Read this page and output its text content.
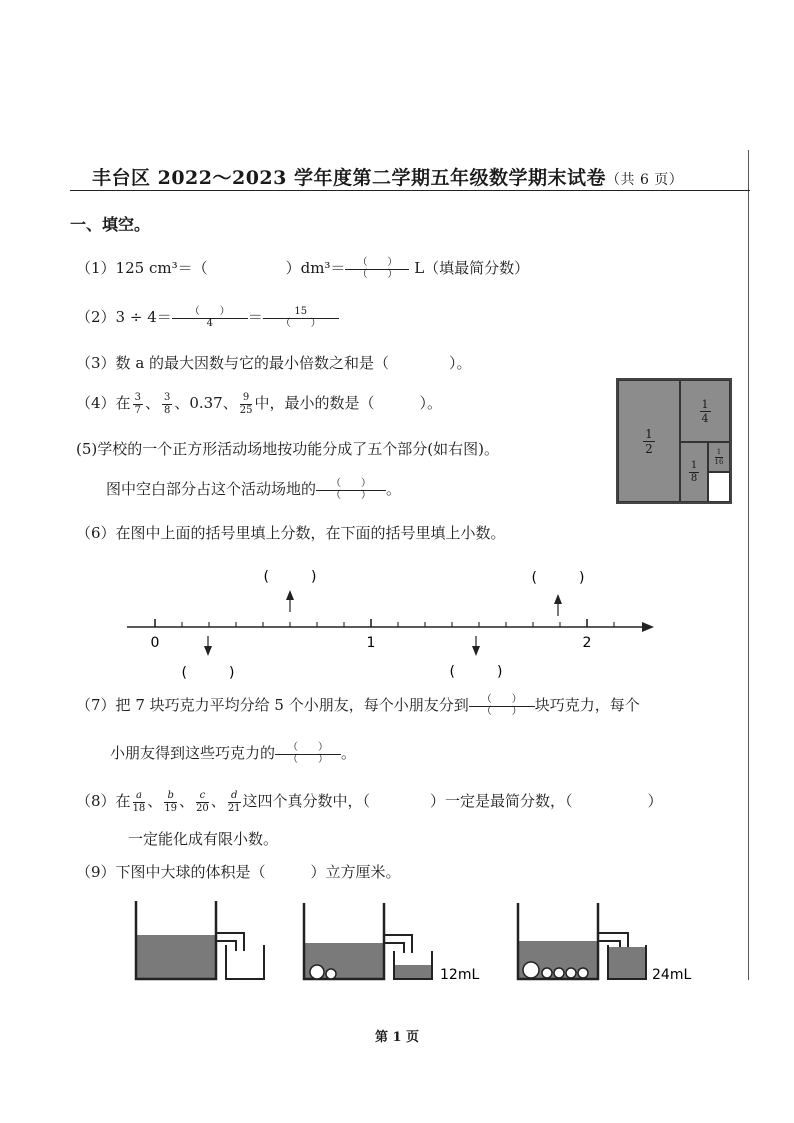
丰台区 2022～2023 学年度第二学期五年级数学期末试卷（共 6 页）
一、填空。
（1）125 cm³＝（	）dm³＝	（　　）
（　　） L（填最简分数）
（2）3 ÷ 4＝	（　　）
4 ＝	15
（　　）
（3）数 a 的最大因数与它的最小倍数之和是（　　　　）。
（4）在 $\frac{3}{7}$ 、 $\frac{3}{8}$ 、0.37、 $\frac{9}{25}$ 中，最小的数是（　　　）。
(5)学校的一个正方形活动场地按功能分成了五个部分(如右图)。
图中空白部分占这个活动场地的	（　　）
（　　） 。
$\frac{1}{2}$
$\frac{1}{4}$
$\frac{1}{8}$
$\frac{1}{16}$
（6）在图中上面的括号里填上分数，在下面的括号里填上小数。
0	1	2
(　　　)	(　　　)
(　　　)	(　　　)
（7）把 7 块巧克力平均分给 5 个小朋友，每个小朋友分到	（　　）
（　　） 块巧克力，每个
小朋友得到这些巧克力的	（　　）
（　　） 。
（8）在 $\frac{a}{18}$ 、 $\frac{b}{19}$ 、 $\frac{c}{20}$ 、 $\frac{d}{21}$ 这四个真分数中，（　　　　）一定是最简分数，（　　　　　）
一定能化成有限小数。
（9）下图中大球的体积是（　　　）立方厘米。
12mL	24mL
第 1 页
